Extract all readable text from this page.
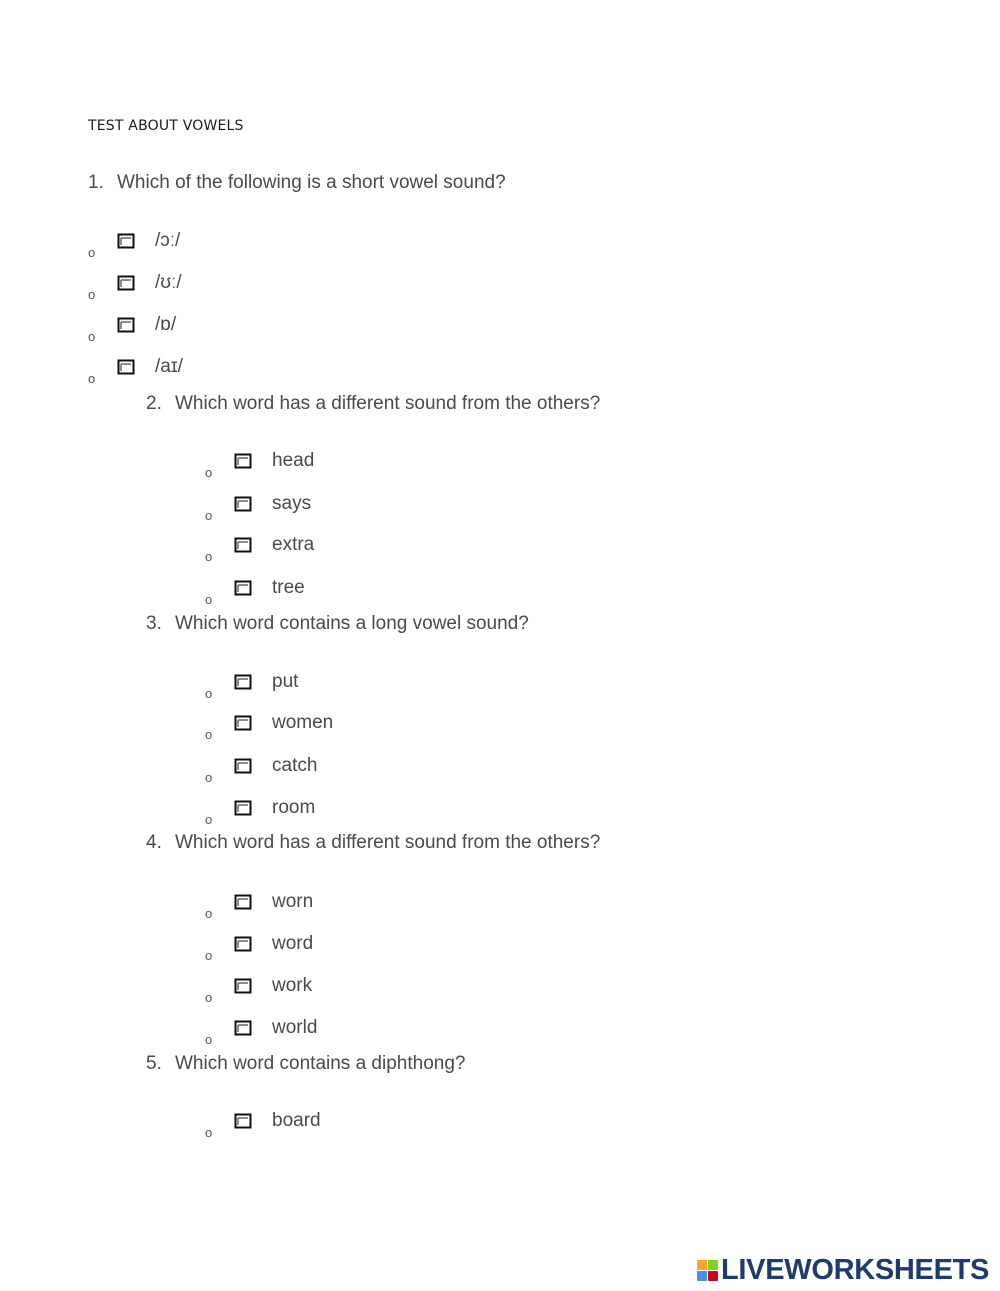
TEST ABOUT VOWELS
1. Which of the following is a short vowel sound?
o
/ɔː/
o
/ʊː/
o
/ɒ/
o
/aɪ/
2. Which word has a different sound from the others?
o
head
o
says
o
extra
o
tree
3. Which word contains a long vowel sound?
o
put
o
women
o
catch
o
room
4. Which word has a different sound from the others?
o
worn
o
word
o
work
o
world
5. Which word contains a diphthong?
o
board
LIVEWORKSHEETS
